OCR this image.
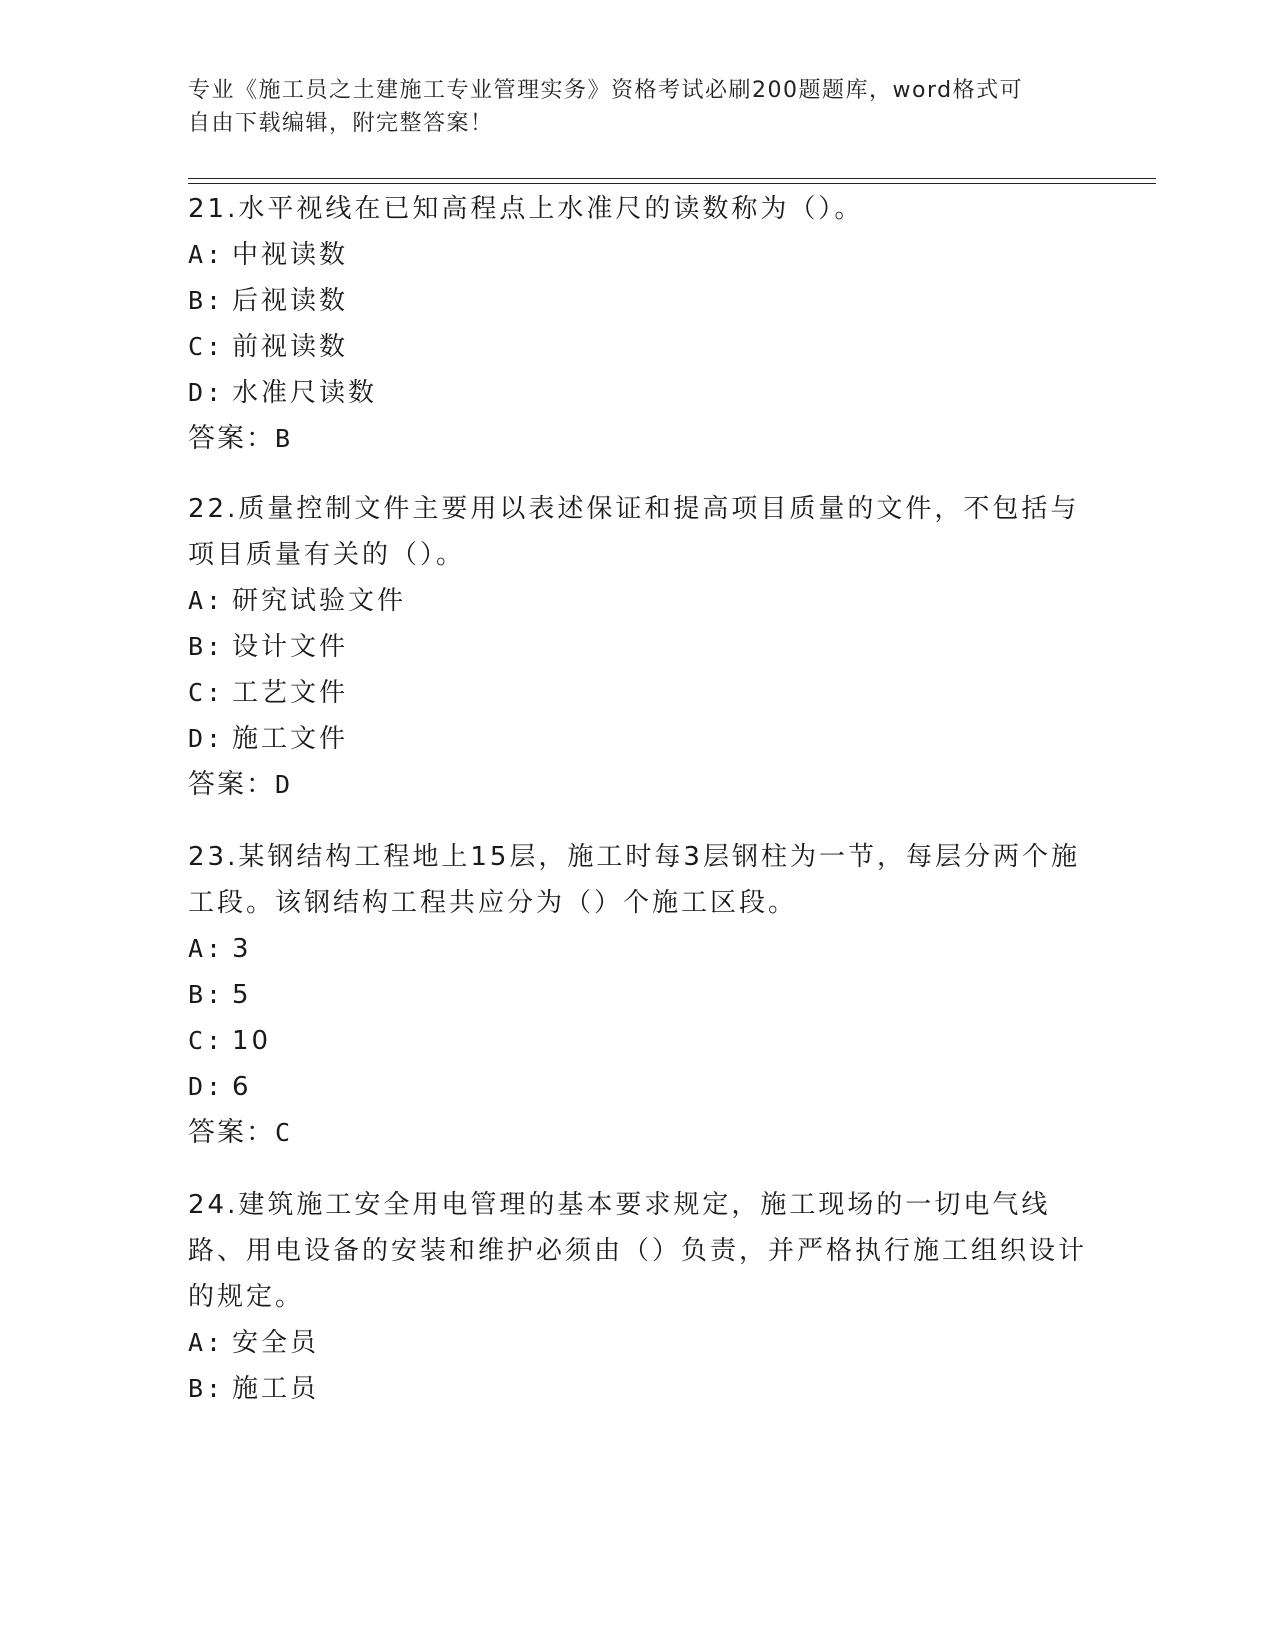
专业《施工员之土建施工专业管理实务》资格考试必刷200题题库，word格式可
自由下载编辑，附完整答案！

21.水平视线在已知高程点上水准尺的读数称为（）。

A: 中视读数
B: 后视读数
C: 前视读数
D: 水准尺读数
答案：B

22.质量控制文件主要用以表述保证和提高项目质量的文件，不包括与项目质量有关的（）。

A: 研究试验文件
B: 设计文件
C: 工艺文件
D: 施工文件
答案：D

23.某钢结构工程地上15层，施工时每3层钢柱为一节，每层分两个施工段。该钢结构工程共应分为（）个施工区段。

A: 3
B: 5
C: 10
D: 6
答案：C

24.建筑施工安全用电管理的基本要求规定，施工现场的一切电气线路、用电设备的安装和维护必须由（）负责，并严格执行施工组织设计的规定。

A: 安全员
B: 施工员
